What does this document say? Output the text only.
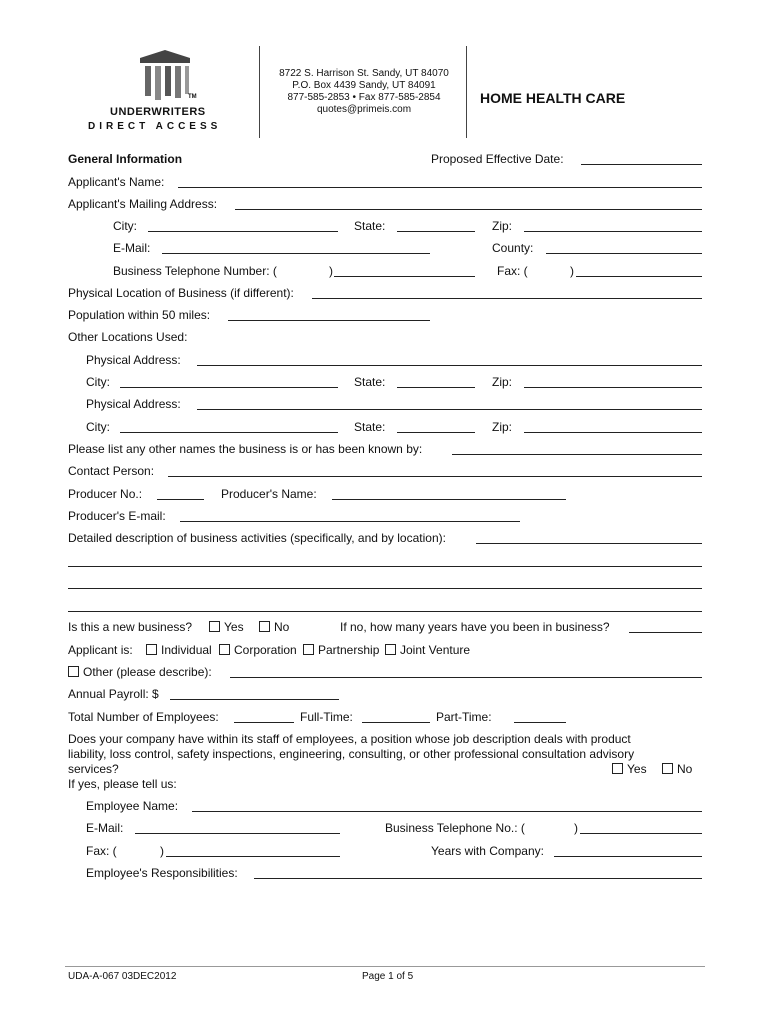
TM
UNDERWRITERS
DIRECT ACCESS
8722 S. Harrison St. Sandy, UT 84070
P.O. Box 4439 Sandy, UT 84091
877-585-2853 • Fax 877-585-2854
quotes@primeis.com
HOME HEALTH CARE
General Information	Proposed Effective Date:
Applicant's Name:
Applicant's Mailing Address:
City:	State:	Zip:
E-Mail:	County:
Business Telephone Number: (	)	Fax: (	)
Physical Location of Business (if different):
Population within 50 miles:
Other Locations Used:
Physical Address:
City:	State:	Zip:
Physical Address:
City:	State:	Zip:
Please list any other names the business is or has been known by:
Contact Person:
Producer No.:	Producer's Name:
Producer's E-mail:
Detailed description of business activities (specifically, and by location):
Is this a new business?	Yes	No	If no, how many years have you been in business?
Applicant is:	Individual	Corporation	Partnership	Joint Venture
Other (please describe):
Annual Payroll: $
Total Number of Employees:	Full-Time:	Part-Time:
Does your company have within its staff of employees, a position whose job description deals with product
liability, loss control, safety inspections, engineering, consulting, or other professional consultation advisory
services?	Yes	No
If yes, please tell us:
Employee Name:
E-Mail:	Business Telephone No.: (	)
Fax: (	)	Years with Company:
Employee's Responsibilities:
UDA-A-067 03DEC2012	Page 1 of 5
